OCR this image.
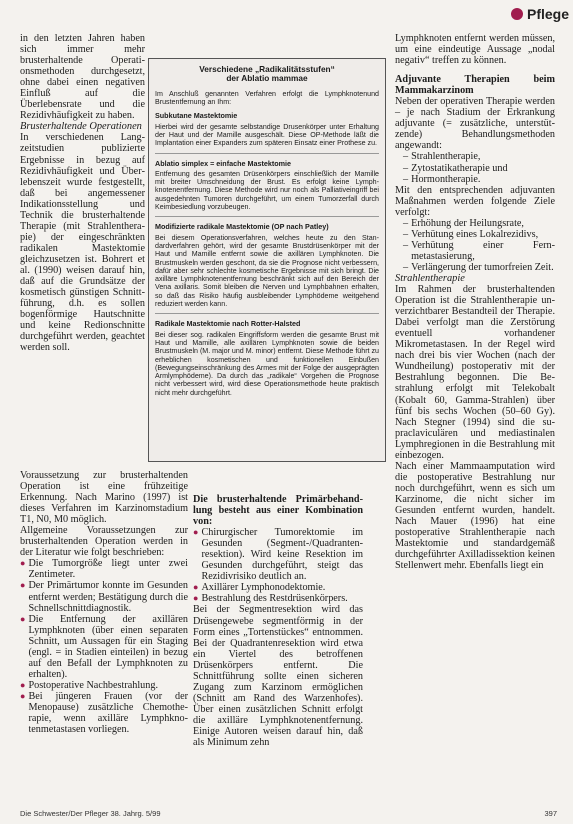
Pflege

in den letzten Jahren haben sich immer mehr brusterhaltende Operationsmethoden durchgesetzt, ohne dabei einen negativen Einfluß auf die Überlebensrate und die Rezidivhäufigkeit zu haben.

Brusterhaltende Operationen

In verschiedenen Langzeitstudien publizierte Ergebnisse in bezug auf Rezidivhäufigkeit und Überlebenszeit wurde festgestellt, daß bei angemessener Indikationsstellung und Technik die brusterhaltende Therapie (mit Strahlentherapie) der eingeschränkten radikalen Mastektomie gleichzusetzen ist. Bohrert et al. (1990) weisen darauf hin, daß auf die Grundsätze der kosmetisch günstigen Schnittführung, d.h. es sollen bogenförmige Hautschnitte und keine Redionschnitte durchgeführt werden, geachtet werden soll.

Verschiedene „Radikalitätsstufen“
der Ablatio mammae

Im Anschluß genannten Verfahren erfolgt die Lymphknotenund Brustentfernung an Ihm:

Subkutane Mastektomie

Hierbei wird der gesamte selbstandige Drusenkörper unter Erhaltung der Haut und der Mamille ausgeschält. Diese OP-Methode läßt die Implantation einer Expanders zum späteren Einsatz einer Prothese zu.

Ablatio simplex = einfache Mastektomie

Entfernung des gesamten Drüsenkörpers einschließlich der Mamille mit breiter Umschneidung der Brust. Es erfolgt keine Lymphknotenentfernung. Diese Methode wird nur noch als Palliativeingriff bei ausgedehnten Tumoren durchgeführt, um einem Tumorzerfall durch Keimbesiedlung vorzubeugen.

Modifizierte radikale Mastektomie (OP nach Patley)

Bei diesem Operationsverfahren, welches heute zu den Standardverfahren gehört, wird der gesamte Brustdrüsenkörper mit der Haut und Mamille entfernt sowie die axillären Lymphknoten. Die Brustmuskeln werden geschont, da sie die Prognose nicht verbessern, dafür aber sehr schlechte kosmetische Ergebnisse mit sich bringt. Die axilläre Lymphknotenentfernung beschränkt sich auf den Bereich der Vena axillaris. Somit bleiben die Nerven und Lymphbahnen erhalten, so daß das Risiko häufig ausbleibender Lymphödeme weitgehend reduziert werden kann.

Radikale Mastektomie nach Rotter-Halsted

Bei dieser sog. radikalen Eingriffsform werden die gesamte Brust mit Haut und Mamille, alle axillären Lymphknoten sowie die beiden Brustmuskeln (M. major und M. minor) entfernt. Diese Methode führt zu erheblichen kosmetischen und funktionellen Einbußen (Bewegungseinschränkung des Armes mit der Folge der ausgeprägten Armlymphödeme). Da durch das „radikale“ Vorgehen die Prognose nicht verbessert wird, wird diese Operationsmethode heute praktisch nicht mehr durchgeführt.

Voraussetzung zur brusterhaltenden Operation ist eine frühzeitige Erkennung. Nach Marino (1997) ist dieses Verfahren im Karzinomstadium T1, N0, M0 möglich.

Allgemeine Voraussetzungen zur brusterhaltenden Operation werden in der Literatur wie folgt beschrieben:

● Die Tumorgröße liegt unter zwei Zentimeter.
● Der Primärtumor konnte im Gesunden entfernt werden; Bestätigung durch die Schnellschnittdiagnostik.
● Die Entfernung der axillären Lymphknoten (über einen separaten Schnitt, um Aussagen für ein Staging (engl. = in Stadien einteilen) in bezug auf den Befall der Lymphknoten zu erhalten).
● Postoperative Nachbestrahlung.
● Bei jüngeren Frauen (vor der Menopause) zusätzliche Chemotherapie, wenn axilläre Lymphknotenmetastasen vorliegen.

Die brusterhaltende Primärbehandlung besteht aus einer Kombination von:

● Chirurgischer Tumorektomie im Gesunden (Segment-/Quadrantenresektion). Wird keine Resektion im Gesunden durchgeführt, steigt das Rezidivrisiko deutlich an.
● Axillärer Lymphonodektomie.
● Bestrahlung des Restdrüsenkörpers.

Bei der Segmentresektion wird das Drüsengewebe segmentförmig in der Form eines „Tortenstückes“ entnommen. Bei der Quadrantenresektion wird etwa ein Viertel des betroffenen Drüsenkörpers entfernt. Die Schnittführung sollte einen sicheren Zugang zum Karzinom ermöglichen (Schnitt am Rand des Warzenhofes). Über einen zusätzlichen Schnitt erfolgt die axilläre Lymphknotenentfernung. Einige Autoren weisen darauf hin, daß als Minimum zehn

Lymphknoten entfernt werden müssen, um eine eindeutige Aussage „nodal negativ“ treffen zu können.

Adjuvante Therapien beim Mammakarzinom

Neben der operativen Therapie werden – je nach Stadium der Erkrankung adjuvante (= zusätzliche, unterstützende) Behandlungsmethoden angewandt:

– Strahlentherapie,
– Zytostatikatherapie und
– Hormontherapie.

Mit den entsprechenden adjuvanten Maßnahmen werden folgende Ziele verfolgt:

– Erhöhung der Heilungsrate,
– Verhütung eines Lokalrezidivs,
– Verhütung einer Fernmetastasierung,
– Verlängerung der tumorfreien Zeit.

Strahlentherapie

Im Rahmen der brusterhaltenden Operation ist die Strahlentherapie unverzichtbarer Bestandteil der Therapie. Dabei verfolgt man die Zerstörung eventuell vorhandener Mikrometastasen. In der Regel wird nach drei bis vier Wochen (nach der Wundheilung) postoperativ mit der Bestrahlung begonnen. Die Bestrahlung erfolgt mit Telekobalt (Kobalt 60, Gamma-Strahlen) über fünf bis sechs Wochen (50–60 Gy). Nach Stegner (1994) sind die supraclaviculären und mediastinalen Lymphregionen in die Bestrahlung mit einbezogen.

Nach einer Mammaamputation wird die postoperative Bestrahlung nur noch durchgeführt, wenn es sich um Karzinome, die nicht sicher im Gesunden entfernt wurden, handelt. Nach Mauer (1996) hat eine postoperative Strahlentherapie nach Mastektomie und standardgemäß durchgeführter Axilladissektion keinen Stellenwert mehr. Ebenfalls liegt ein

Die Schwester/Der Pfleger 38. Jahrg. 5/99	397
